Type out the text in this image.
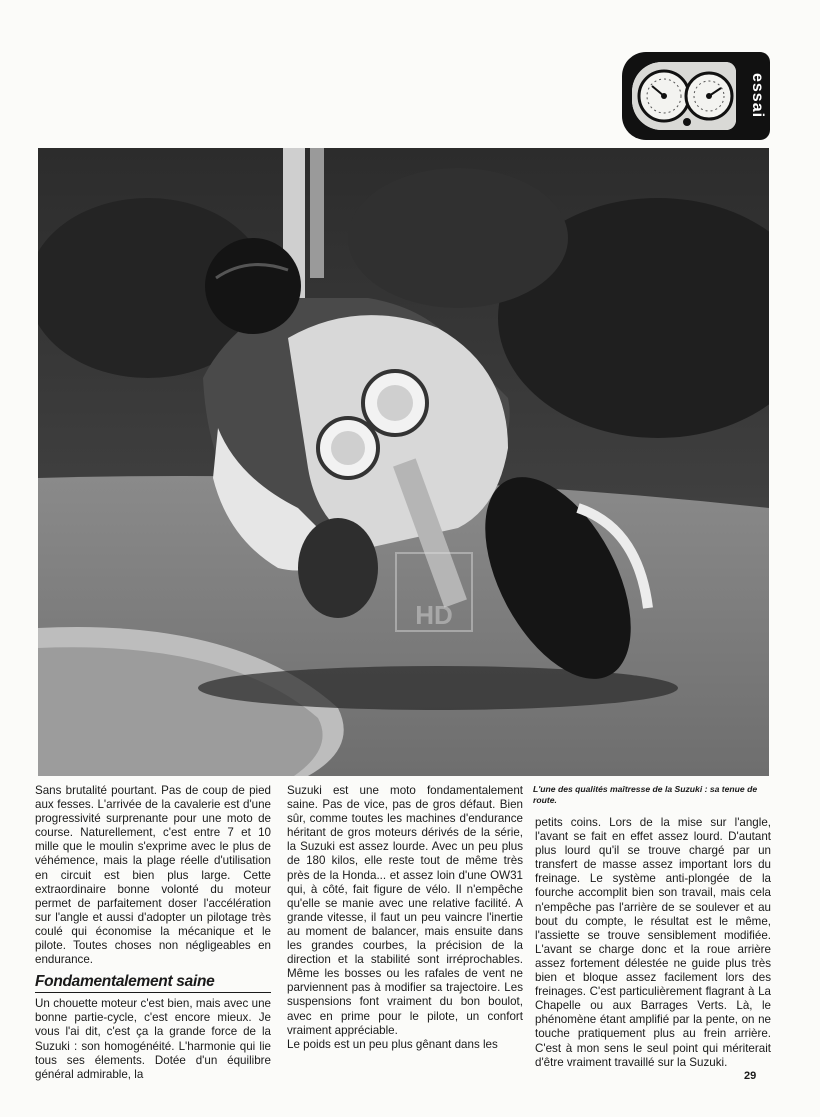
essai
HD
L'une des qualités maîtresse de la Suzuki : sa tenue de route.

Sans brutalité pourtant. Pas de coup de pied aux fesses. L'arrivée de la cavalerie est d'une progressivité surprenante pour une moto de course. Naturellement, c'est entre 7 et 10 mille que le moulin s'exprime avec le plus de véhémence, mais la plage réelle d'utilisation en circuit est bien plus large. Cette extraordinaire bonne volonté du moteur permet de parfaitement doser l'accélération sur l'angle et aussi d'adopter un pilotage très coulé qui économise la mécanique et le pilote. Toutes choses non négligeables en endurance.

Fondamentalement saine

Un chouette moteur c'est bien, mais avec une bonne partie-cycle, c'est encore mieux. Je vous l'ai dit, c'est ça la grande force de la Suzuki : son homogénéité. L'harmonie qui lie tous ses élements. Dotée d'un équilibre général admirable, la

Suzuki est une moto fondamentalement saine. Pas de vice, pas de gros défaut. Bien sûr, comme toutes les machines d'endurance héritant de gros moteurs dérivés de la série, la Suzuki est assez lourde. Avec un peu plus de 180 kilos, elle reste tout de même très près de la Honda... et assez loin d'une OW31 qui, à côté, fait figure de vélo. Il n'empêche qu'elle se manie avec une relative facilité. A grande vitesse, il faut un peu vaincre l'inertie au moment de balancer, mais ensuite dans les grandes courbes, la précision de la direction et la stabilité sont irréprochables. Même les bosses ou les rafales de vent ne parviennent pas à modifier sa trajectoire. Les suspensions font vraiment du bon boulot, avec en prime pour le pilote, un confort vraiment appréciable.

Le poids est un peu plus gênant dans les

petits coins. Lors de la mise sur l'angle, l'avant se fait en effet assez lourd. D'autant plus lourd qu'il se trouve chargé par un transfert de masse assez important lors du freinage. Le système anti-plongée de la fourche accomplit bien son travail, mais cela n'empêche pas l'arrière de se soulever et au bout du compte, le résultat est le même, l'assiette se trouve sensiblement modifiée. L'avant se charge donc et la roue arrière assez fortement délestée ne guide plus très bien et bloque assez facilement lors des freinages. C'est particulièrement flagrant à La Chapelle ou aux Barrages Verts. Là, le phénomène étant amplifié par la pente, on ne touche pratiquement plus au frein arrière. C'est à mon sens le seul point qui mériterait d'être vraiment travaillé sur la Suzuki.

29
